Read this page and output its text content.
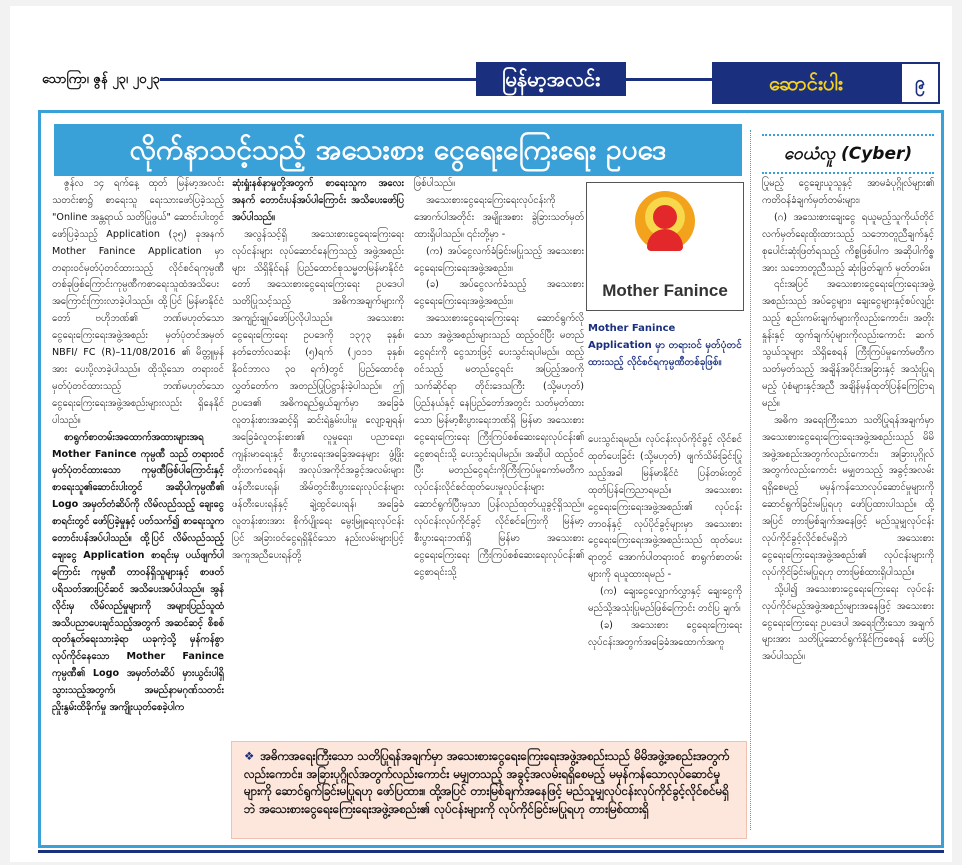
သောကြာ၊ ဇွန် ၂၃၊ ၂၀၂၃	မြန်မာ့အလင်း	ဆောင်းပါး	၉
လိုက်နာသင့်သည့် အသေးစား ငွေရေးကြေးရေး ဥပဒေ	ဝေယံလူ (Cyber)

ဇွန်လ ၁၄ ရက်နေ့ ထုတ် မြန်မာ့အလင်း သတင်းစာ၌ စာရေးသူ ရေးသားဖော်ပြခဲ့သည့် "Online အန္တရာယ် သတိပြုဖွယ်" ဆောင်းပါးတွင် ဖော်ပြခဲ့သည့် Application (၃၅) ခုအနက် Mother Fanince Application မှာ တရားဝင်မှတ်ပုံတင်ထားသည့် လိုင်စင်ရကုမ္ပဏီတစ်ခုဖြစ်ကြောင်းကုမ္ပဏီကစာရေးသူထံအသိပေးအကြောင်းကြားလာခဲ့ပါသည်။ ထို့ပြင် မြန်မာနိုင်ငံတော် ဗဟိုဘဏ်၏ ဘဏ်မဟုတ်သော ငွေရေးကြေးရေးအဖွဲ့အစည်း မှတ်ပုံတင်အမှတ် NBFI/ FC (R)–11/08/2016 ၏ မိတ္တူမှန်အား ပေးပို့လာခဲ့ပါသည်။ ထိုသို့သော တရားဝင်မှတ်ပုံတင်ထားသည့် ဘဏ်မဟုတ်သော ငွေရေးကြေးရေးအဖွဲ့အစည်းများလည်း ရှိနေနိုင်ပါသည်။

စာရွက်စာတမ်းအထောက်အထားများအရ Mother Fanince ကုမ္ပဏီ သည် တရားဝင်မှတ်ပုံတင်ထားသော ကုမ္ပဏီဖြစ်ပါကြောင်းနှင့် စာရေးသူ၏ဆောင်းပါးတွင် အဆိုပါကုမ္ပဏီ၏ Logo အမှတ်တံဆိပ်ကို လိမ်လည်သည့် ချေးငွေစာရင်းတွင် ဖော်ပြခဲ့မှုနှင့် ပတ်သက်၍ စာရေးသူက တောင်းပန်အပ်ပါသည်။ ထို့ပြင် လိမ်လည်သည့် ချေးငွေ Application စာရင်းမှ ပယ်ဖျက်ပါကြောင်း ကုမ္ပဏီ တာဝန်ရှိသူများနှင့် စာဖတ်ပရိသတ်အားပြင်ဆင် အသိပေးအပ်ပါသည်။ အွန်လိုင်းမှ လိမ်လည်မှုများကို အများပြည်သူထံ အသိပညာပေးချင်သည့်အတွက် အဆင်ဆင့် စိစစ်ထုတ်နုတ်ရေးသားခဲ့ရာ ယခုကဲ့သို့ မှန်ကန်စွာ လုပ်ကိုင်နေသော Mother Fanince ကုမ္ပဏီ၏ Logo အမှတ်တံဆိပ် မှားယွင်းပါရှိသွားသည့်အတွက်၊ အမည်နာမဂုဏ်သတင်း ညှိုးနွမ်းထိခိုက်မှု အကျိုးယုတ်စေခဲ့ပါက

ဆုံးရှုံးနစ်နာမှုတို့အတွက် စာရေးသူက အလေးအနက် တောင်းပန်အပ်ပါကြောင်း အသိပေးဖော်ပြအပ်ပါသည်။

အလွန်သင့်ရှိ အသေးစားငွေရေးကြေးရေးလုပ်ငန်းများ လုပ်ဆောင်နေကြသည့် အဖွဲ့အစည်းများ သိရှိနိုင်ရန် ပြည်ထောင်စုသမ္မတမြန်မာနိုင်ငံတော် အသေးစားငွေရေးကြေးရေး ဥပဒေပါ သတိပြုသင့်သည့် အဓိကအချက်များကို အကျဉ်းချုပ်ဖော်ပြလိုပါသည်။ အသေးစားငွေရေးကြေးရေး ဥပဒေကို ၁၃၇၃ ခုနှစ်၊ နတ်တော်လဆန်း (၅)ရက် (၂၀၁၁ ခုနှစ်၊ နိုဝင်ဘာလ ၃၀ ရက်)တွင် ပြည်ထောင်စုလွှတ်တော်က အတည်ပြုပြဋ္ဌာန်းခဲ့ပါသည်။ ဤဥပဒေ၏ အဓိကရည်ရွယ်ချက်မှာ အခြေခံလူတန်းစားအဆင့်ရှိ ဆင်းရဲနွမ်းပါးမှု လျော့ချရန်၊ အခြေခံလူတန်းစား၏ လူမှုရေး၊ ပညာရေး၊ ကျန်းမာရေးနှင့် စီးပွားရေးအခြေအနေများ ဖွံ့ဖြိုးတိုးတက်စေရန်၊ အလုပ်အကိုင်အခွင့်အလမ်းများ ဖန်တီးပေးရန်၊ အိမ်တွင်းစီးပွားရေးလုပ်ငန်းများ ဖန်တီးပေးရန်နှင့် ချဲ့ထွင်ပေးရန်၊ အခြေခံလူတန်းစားအား စိုက်ပျိုးရေး မွေးမြူရေးလုပ်ငန်းပြင် အခြားဝင်ငွေရရှိနိုင်သော နည်းလမ်းများပြင့် အကူအညီပေးရန်တို့

ဖြစ်ပါသည်။

အသေးစားငွေရေးကြေးရေးလုပ်ငန်းကို အောက်ပါအတိုင်း အမျိုးအစား ခွဲခြားသတ်မှတ်ထားရှိပါသည်။ ၎င်းတို့မှာ -

(က) အပ်ငွေလက်ခံခြင်းမပြုသည့် အသေးစားငွေရေးကြေးရေးအဖွဲ့အစည်း။

(ခ) အပ်ငွေလက်ခံသည့် အသေးစားငွေရေးကြေးရေးအဖွဲ့အစည်း။

အသေးစားငွေရေးကြေးရေး ဆောင်ရွက်လိုသော အဖွဲ့အစည်းများသည် ထည့်ဝင်ပြီး မတည်ငွေရင်းကို ငွေသားဖြင့် ပေးသွင်းရပါမည်။ ထည့်ဝင်သည့် မတည်ငွေရင်း အပြည့်အဝကို သက်ဆိုင်ရာ တိုင်းဒေသကြီး (သို့မဟုတ်) ပြည်နယ်နှင့် နေပြည်တော်အတွင်း သတ်မှတ်ထားသော မြန်မာ့စီးပွားရေးဘဏ်ရှိ မြန်မာ အသေးစားငွေရေးကြေးရေး ကြီးကြပ်စစ်ဆေးရေးလုပ်ငန်း၏ ငွေစာရင်းသို့ ပေးသွင်းရပါမည်။ အဆိုပါ ထည့်ဝင်ပြီး မတည်ငွေရင်းကိုကြီးကြပ်မှုကော်မတီက လုပ်ငန်းလိုင်စင်ထုတ်ပေးမှုလုပ်ငန်းများ ဆောင်ရွက်ပြီးမှသာ ပြန်လည်ထုတ်ယူခွင့်ရှိသည်။ လုပ်ငန်းလုပ်ကိုင်ခွင့် လိုင်စင်ကြေးကို မြန်မာ့စီးပွားရေးဘဏ်ရှိ မြန်မာ အသေးစားငွေရေးကြေးရေး ကြီးကြပ်စစ်ဆေးရေးလုပ်ငန်း၏ ငွေစာရင်းသို့

Mother Fanince
Mother Fanince Application မှာ တရားဝင် မှတ်ပုံတင်ထားသည့် လိုင်စင်ရကုမ္ပဏီတစ်ခုဖြစ်။

ပေးသွင်းရမည်။ လုပ်ငန်းလုပ်ကိုင်ခွင့် လိုင်စင်ထုတ်ပေးခြင်း (သို့မဟုတ်) ဖျက်သိမ်းခြင်းပြုသည့်အခါ မြန်မာနိုင်ငံ ပြန်တမ်းတွင် ထုတ်ပြန်ကြေညာရမည်။ အသေးစားငွေရေးကြေးရေးအဖွဲ့အစည်း၏ လုပ်ငန်းတာဝန်နှင့် လုပ်ပိုင်ခွင့်များမှာ အသေးစားငွေရေးကြေးရေးအဖွဲ့အစည်းသည် ထုတ်ပေးရာတွင် အောက်ပါတရားဝင် စာရွက်စာတမ်းများကို ရယူထားရမည် -

(က) ချေးငွေလျှောက်လွှာနှင့် ချေးငွေကို မည်သို့အသုံးပြုမည်ဖြစ်ကြောင်း တင်ပြ ချက်၊

(ခ) အသေးစား ငွေရေးကြေးရေး လုပ်ငန်းအတွက်အခြေခံအထောက်အကူ

ပြုမည့် ငွေချေးယူသူနှင့် အာမခံပုဂ္ဂိုလ်များ၏ ကတိဝန်ခံချက်မှတ်တမ်းများ၊

(ဂ) အသေးစားချေးငွေ ရယူမည့်သူကိုယ်တိုင် လက်မှတ်ရေးထိုးထားသည့် သဘောတူညီချက်နှင့် စုပေါင်းဆုံးဖြတ်ရသည့် ကိစ္စဖြစ်ပါက အဆိုပါကိစ္စအား သဘောတူညီသည့် ဆုံးဖြတ်ချက် မှတ်တမ်း။

၎င်းအပြင် အသေးစားငွေရေးကြေးရေးအဖွဲ့အစည်းသည် အပ်ငွေများ၊ ချေးငွေများနှင့်စပ်လျဉ်းသည့် စည်းကမ်းချက်များကိုလည်းကောင်း၊ အတိုးနှုန်းနှင့် ထွက်ချက်ပုံများကိုလည်းကောင်း ဆက်သွယ်သူများ သိရှိစေရန် ကြီးကြပ်မှုကော်မတီက သတ်မှတ်သည့် အချိန်အပိုင်းအခြားနှင့် အသုံးပြုရမည့် ပုံစံများနှင့်အညီ အချိန်မှန်ထုတ်ပြန်ကြေငြာရမည်။

အဓိက အရေးကြီးသော သတိပြုရန်အချက်မှာ အသေးစားငွေရေးကြေးရေးအဖွဲ့အစည်းသည် မိမိအဖွဲ့အစည်းအတွက်လည်းကောင်း၊ အခြားပုဂ္ဂိုလ်အတွက်လည်းကောင်း မမျှတသည့် အခွင့်အလမ်းရရှိစေမည့် မမှန်ကန်သောလုပ်ဆောင်မှုများကို ဆောင်ရွက်ခြင်းမပြုရဟု ဖော်ပြထားပါသည်။ ထို့အပြင် တားမြစ်ချက်အနေဖြင့် မည်သူမျှလုပ်ငန်းလုပ်ကိုင်ခွင့်လိုင်စင်မရှိဘဲ အသေးစားငွေရေးကြေးရေးအဖွဲ့အစည်း၏ လုပ်ငန်းများကို လုပ်ကိုင်ခြင်းမပြုရဟု တားမြစ်ထားရှိပါသည်။

သို့ပါ၍ အသေးစားငွေရေးကြေးရေး လုပ်ငန်းလုပ်ကိုင်မည့်အဖွဲ့အစည်းများအနေဖြင့် အသေးစားငွေရေးကြေးရေး ဥပဒေပါ အရေးကြီးသော အချက်များအား သတိပြုဆောင်ရွက်နိုင်ကြစေရန် ဖော်ပြအပ်ပါသည်။

❖ အဓိကအရေးကြီးသော သတိပြုရန်အချက်မှာ အသေးစားငွေရေးကြေးရေးအဖွဲ့အစည်းသည် မိမိအဖွဲ့အစည်းအတွက်လည်းကောင်း၊ အခြားပုဂ္ဂိုလ်အတွက်လည်းကောင်း မမျှတသည့် အခွင့်အလမ်းရရှိစေမည့် မမှန်ကန်သောလုပ်ဆောင်မှုများကို ဆောင်ရွက်ခြင်းမပြုရဟု ဖော်ပြထား။ ထို့အပြင် တားမြစ်ချက်အနေဖြင့် မည်သူမျှလုပ်ငန်းလုပ်ကိုင်ခွင့်လိုင်စင်မရှိဘဲ အသေးစားငွေရေးကြေးရေးအဖွဲ့အစည်း၏ လုပ်ငန်းများကို လုပ်ကိုင်ခြင်းမပြုရဟု တားမြစ်ထားရှိ
